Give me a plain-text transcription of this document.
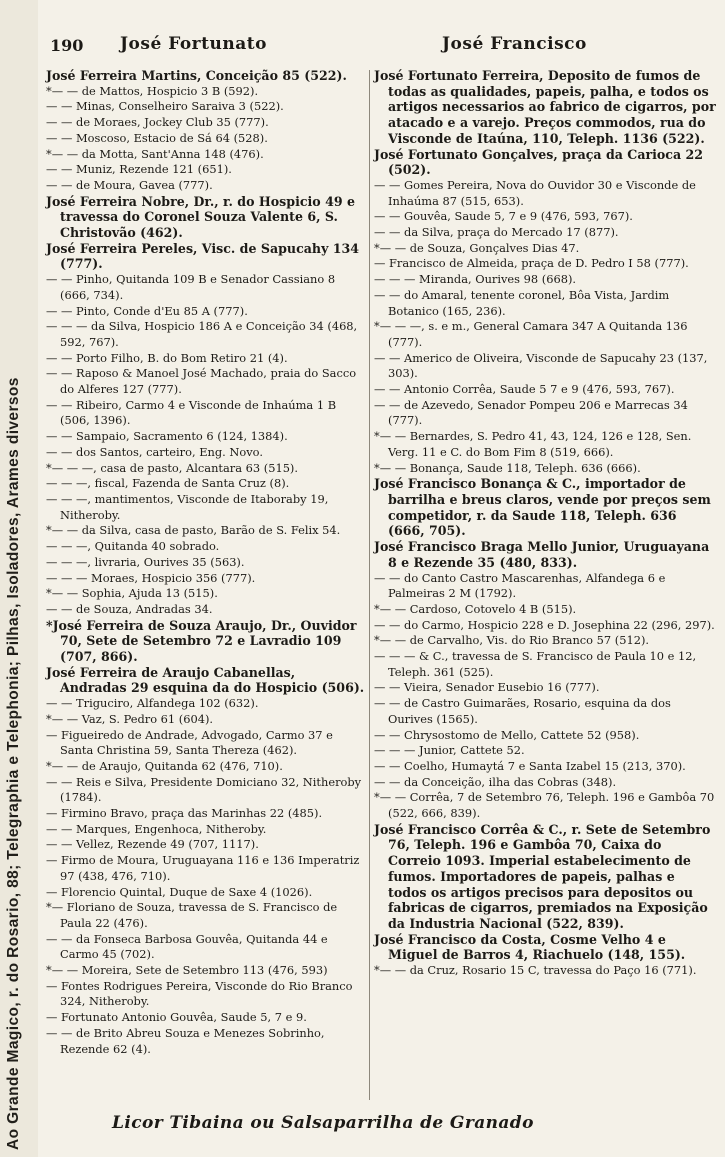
Ao Grande Magico, r. do Rosario, 88; Telegraphia e Telephonia; Pilhas, Isoladores, Arames diversos
190 José Fortunato	José Francisco
José Ferreira Martins, Conceição 85 (522).
*— — de Mattos, Hospicio 3 B (592).
— — Minas, Conselheiro Saraiva 3 (522).
— — de Moraes, Jockey Club 35 (777).
— — Moscoso, Estacio de Sá 64 (528).
*— — da Motta, Sant'Anna 148 (476).
— — Muniz, Rezende 121 (651).
— — de Moura, Gavea (777).
José Ferreira Nobre, Dr., r. do Hospicio 49 e travessa do Coronel Souza Valente 6, S. Christovão (462).
José Ferreira Pereles, Visc. de Sapucahy 134 (777).
— — Pinho, Quitanda 109 B e Senador Cassiano 8 (666, 734).
— — Pinto, Conde d'Eu 85 A (777).
— — — da Silva, Hospicio 186 A e Conceição 34 (468, 592, 767).
— — Porto Filho, B. do Bom Retiro 21 (4).
— — Raposo & Manoel José Machado, praia do Sacco do Alferes 127 (777).
— — Ribeiro, Carmo 4 e Visconde de Inhaúma 1 B (506, 1396).
— — Sampaio, Sacramento 6 (124, 1384).
— — dos Santos, carteiro, Eng. Novo.
*— — —, casa de pasto, Alcantara 63 (515).
— — —, fiscal, Fazenda de Santa Cruz (8).
— — —, mantimentos, Visconde de Itaboraby 19, Nitheroby.
*— — da Silva, casa de pasto, Barão de S. Felix 54.
— — —, Quitanda 40 sobrado.
— — —, livraria, Ourives 35 (563).
— — — Moraes, Hospicio 356 (777).
*— — Sophia, Ajuda 13 (515).
— — de Souza, Andradas 34.
*José Ferreira de Souza Araujo, Dr., Ouvidor 70, Sete de Setembro 72 e Lavradio 109 (707, 866).
José Ferreira de Araujo Cabanellas, Andradas 29 esquina da do Hospicio (506).
— — Triguciro, Alfandega 102 (632).
*— — Vaz, S. Pedro 61 (604).
— Figueiredo de Andrade, Advogado, Carmo 37 e Santa Christina 59, Santa Thereza (462).
*— — de Araujo, Quitanda 62 (476, 710).
— — Reis e Silva, Presidente Domiciano 32, Nitheroby (1784).
— Firmino Bravo, praça das Marinhas 22 (485).
— — Marques, Engenhoca, Nitheroby.
— — Vellez, Rezende 49 (707, 1117).
— Firmo de Moura, Uruguayana 116 e 136 Imperatriz 97 (438, 476, 710).
— Florencio Quintal, Duque de Saxe 4 (1026).
*— Floriano de Souza, travessa de S. Francisco de Paula 22 (476).
— — da Fonseca Barbosa Gouvêa, Quitanda 44 e Carmo 45 (702).
*— — Moreira, Sete de Setembro 113 (476, 593)
— Fontes Rodrigues Pereira, Visconde do Rio Branco 324, Nitheroby.
— Fortunato Antonio Gouvêa, Saude 5, 7 e 9.
— — de Brito Abreu Souza e Menezes Sobrinho, Rezende 62 (4).
José Fortunato Ferreira, Deposito de fumos de todas as qualidades, papeis, palha, e todos os artigos necessarios ao fabrico de cigarros, por atacado e a varejo. Preços commodos, rua do Visconde de Itaúna, 110, Teleph. 1136 (522).
José Fortunato Gonçalves, praça da Carioca 22 (502).
— — Gomes Pereira, Nova do Ouvidor 30 e Visconde de Inhaúma 87 (515, 653).
— — Gouvêa, Saude 5, 7 e 9 (476, 593, 767).
— — da Silva, praça do Mercado 17 (877).
*— — de Souza, Gonçalves Dias 47.
— Francisco de Almeida, praça de D. Pedro I 58 (777).
— — — Miranda, Ourives 98 (668).
— — do Amaral, tenente coronel, Bôa Vista, Jardim Botanico (165, 236).
*— — —, s. e m., General Camara 347 A Quitanda 136 (777).
— — Americo de Oliveira, Visconde de Sapucahy 23 (137, 303).
— — Antonio Corrêa, Saude 5 7 e 9 (476, 593, 767).
— — de Azevedo, Senador Pompeu 206 e Marrecas 34 (777).
*— — Bernardes, S. Pedro 41, 43, 124, 126 e 128, Sen. Verg. 11 e C. do Bom Fim 8 (519, 666).
*— — Bonança, Saude 118, Teleph. 636 (666).
José Francisco Bonança & C., importador de barrilha e breus claros, vende por preços sem competidor, r. da Saude 118, Teleph. 636 (666, 705).
José Francisco Braga Mello Junior, Uruguayana 8 e Rezende 35 (480, 833).
— — do Canto Castro Mascarenhas, Alfandega 6 e Palmeiras 2 M (1792).
*— — Cardoso, Cotovelo 4 B (515).
— — do Carmo, Hospicio 228 e D. Josephina 22 (296, 297).
*— — de Carvalho, Vis. do Rio Branco 57 (512).
— — — & C., travessa de S. Francisco de Paula 10 e 12, Teleph. 361 (525).
— — Vieira, Senador Eusebio 16 (777).
— — de Castro Guimarães, Rosario, esquina da dos Ourives (1565).
— — Chrysostomo de Mello, Cattete 52 (958).
— — — Junior, Cattete 52.
— — Coelho, Humaytá 7 e Santa Izabel 15 (213, 370).
— — da Conceição, ilha das Cobras (348).
*— — Corrêa, 7 de Setembro 76, Teleph. 196 e Gambôa 70 (522, 666, 839).
José Francisco Corrêa & C., r. Sete de Setembro 76, Teleph. 196 e Gambôa 70, Caixa do Correio 1093. Imperial estabelecimento de fumos. Importadores de papeis, palhas e todos os artigos precisos para depositos ou fabricas de cigarros, premiados na Exposição da Industria Nacional (522, 839).
José Francisco da Costa, Cosme Velho 4 e Miguel de Barros 4, Riachuelo (148, 155).
*— — da Cruz, Rosario 15 C, travessa do Paço 16 (771).
Licor Tibaina ou Salsaparrilha de Granado
